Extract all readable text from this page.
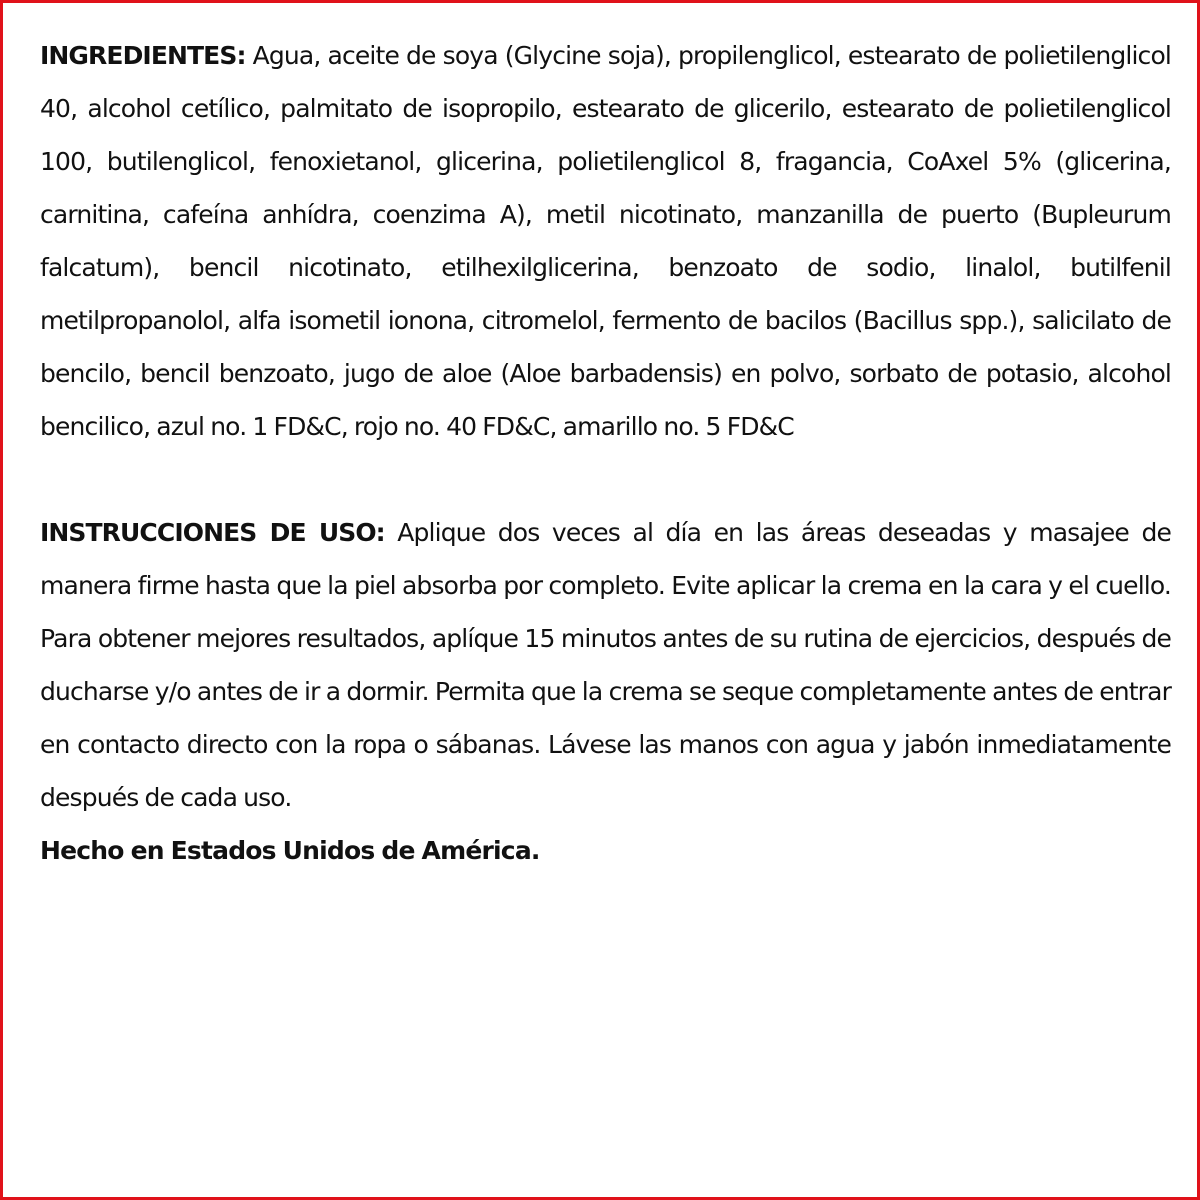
INGREDIENTES: Agua, aceite de soya (Glycine soja), propilenglicol, estearato de polietilenglicol 40, alcohol cetílico, palmitato de isopropilo, estearato de glicerilo, estearato de polietilenglicol 100, butilenglicol, fenoxietanol, glicerina, polietilenglicol 8, fragancia, CoAxel 5% (glicerina, carnitina, cafeína anhídra, coenzima A), metil nicotinato, manzanilla de puerto (Bupleurum falcatum), bencil nicotinato, etilhexilglicerina, benzoato de sodio, linalol, butilfenil metilpropanolol, alfa isometil ionona, citromelol, fermento de bacilos (Bacillus spp.), salicilato de bencilo, bencil benzoato, jugo de aloe (Aloe barbadensis) en polvo, sorbato de potasio, alcohol bencilico, azul no. 1 FD&C, rojo no. 40 FD&C, amarillo no. 5 FD&C

INSTRUCCIONES DE USO: Aplique dos veces al día en las áreas deseadas y masajee de manera firme hasta que la piel absorba por completo. Evite aplicar la crema en la cara y el cuello. Para obtener mejores resultados, aplíque 15 minutos antes de su rutina de ejercicios, después de ducharse y/o antes de ir a dormir. Permita que la crema se seque completamente antes de entrar en contacto directo con la ropa o sábanas. Lávese las manos con agua y jabón inmediatamente después de cada uso.

Hecho en Estados Unidos de América.
